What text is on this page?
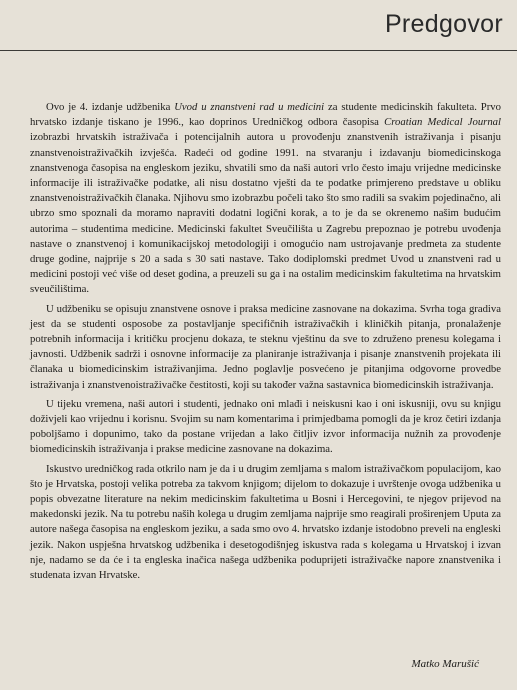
Predgovor

Ovo je 4. izdanje udžbenika Uvod u znanstveni rad u medicini za studente medicinskih fakulteta. Prvo hrvatsko izdanje tiskano je 1996., kao doprinos Uredničkog odbora časopisa Croatian Medical Journal izobrazbi hrvatskih istraživača i potencijalnih autora u provođenju znanstvenih istraživanja i pisanju znanstvenoistraživačkih izvješća. Radeći od godine 1991. na stvaranju i izdavanju biomedicinskoga znanstvenoga časopisa na engleskom jeziku, shvatili smo da naši autori vrlo često imaju vrijedne medicinske informacije ili istraživačke podatke, ali nisu dostatno vješti da te podatke primjereno predstave u obliku znanstvenoistraživačkih članaka. Njihovu smo izobrazbu počeli tako što smo radili sa svakim pojedinačno, ali ubrzo smo spoznali da moramo napraviti dodatni logični korak, a to je da se okrenemo našim budućim autorima – studentima medicine. Medicinski fakultet Sveučilišta u Zagrebu prepoznao je potrebu uvođenja nastave o znanstvenoj i komunikacijskoj metodologiji i omogućio nam ustrojavanje predmeta za studente druge godine, najprije s 20 a sada s 30 sati nastave. Tako dodiplomski predmet Uvod u znanstveni rad u medicini postoji već više od deset godina, a preuzeli su ga i na ostalim medicinskim fakultetima na hrvatskim sveučilištima.

U udžbeniku se opisuju znanstvene osnove i praksa medicine zasnovane na dokazima. Svrha toga gradiva jest da se studenti osposobe za postavljanje specifičnih istraživačkih i kliničkih pitanja, pronalaženje potrebnih informacija i kritičku procjenu dokaza, te steknu vještinu da sve to združeno prenesu kolegama i javnosti. Udžbenik sadrži i osnovne informacije za planiranje istraživanja i pisanje znanstvenih projekata ili članaka u biomedicinskim istraživanjima. Jedno poglavlje posvećeno je pitanjima odgovorne provedbe istraživanja i znanstvenoistraživačke čestitosti, koji su također važna sastavnica biomedicinskih istraživanja.

U tijeku vremena, naši autori i studenti, jednako oni mlađi i neiskusni kao i oni iskusniji, ovu su knjigu doživjeli kao vrijednu i korisnu. Svojim su nam komentarima i primjedbama pomogli da je kroz četiri izdanja poboljšamo i dopunimo, tako da postane vrijedan a lako čitljiv izvor informacija nužnih za provođenje biomedicinskih istraživanja i prakse medicine zasnovane na dokazima.

Iskustvo uredničkog rada otkrilo nam je da i u drugim zemljama s malom istraživačkom populacijom, kao što je Hrvatska, postoji velika potreba za takvom knjigom; dijelom to dokazuje i uvrštenje ovoga udžbenika u popis obvezatne literature na nekim medicinskim fakultetima u Bosni i Hercegovini, te njegov prijevod na makedonski jezik. Na tu potrebu naših kolega u drugim zemljama najprije smo reagirali proširenjem Uputa za autore našega časopisa na engleskom jeziku, a sada smo ovo 4. hrvatsko izdanje istodobno preveli na engleski jezik. Nakon uspješna hrvatskog udžbenika i desetogodišnjeg iskustva rada s kolegama u Hrvatskoj i izvan nje, nadamo se da će i ta engleska inačica našega udžbenika poduprijeti istraživačke napore znanstvenika i studenata izvan Hrvatske.

Matko Marušić
